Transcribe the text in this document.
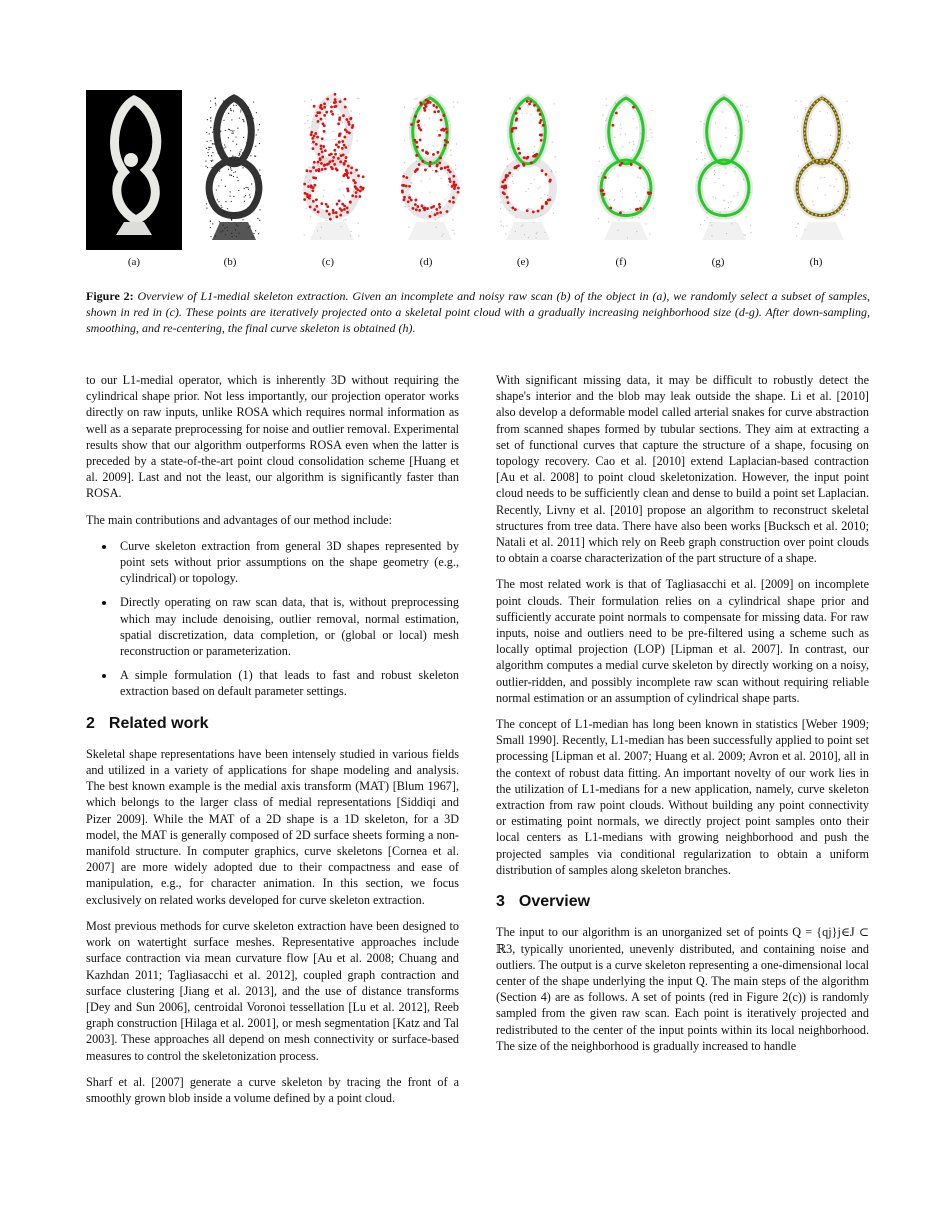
(a)	(b)	(c)	(d)	(e)	(f)	(g)	(h)
Figure 2: Overview of L1-medial skeleton extraction. Given an incomplete and noisy raw scan (b) of the object in (a), we randomly select a subset of samples, shown in red in (c). These points are iteratively projected onto a skeletal point cloud with a gradually increasing neighborhood size (d-g). After down-sampling, smoothing, and re-centering, the final curve skeleton is obtained (h).

to our L1-medial operator, which is inherently 3D without requiring the cylindrical shape prior. Not less importantly, our projection operator works directly on raw inputs, unlike ROSA which requires normal information as well as a separate preprocessing for noise and outlier removal. Experimental results show that our algorithm outperforms ROSA even when the latter is preceded by a state-of-the-art point cloud consolidation scheme [Huang et al. 2009]. Last and not the least, our algorithm is significantly faster than ROSA.

The main contributions and advantages of our method include:

• Curve skeleton extraction from general 3D shapes represented by point sets without prior assumptions on the shape geometry (e.g., cylindrical) or topology.
• Directly operating on raw scan data, that is, without preprocessing which may include denoising, outlier removal, normal estimation, spatial discretization, data completion, or (global or local) mesh reconstruction or parameterization.
• A simple formulation (1) that leads to fast and robust skeleton extraction based on default parameter settings.
2 Related work

Skeletal shape representations have been intensely studied in various fields and utilized in a variety of applications for shape modeling and analysis. The best known example is the medial axis transform (MAT) [Blum 1967], which belongs to the larger class of medial representations [Siddiqi and Pizer 2009]. While the MAT of a 2D shape is a 1D skeleton, for a 3D model, the MAT is generally composed of 2D surface sheets forming a non-manifold structure. In computer graphics, curve skeletons [Cornea et al. 2007] are more widely adopted due to their compactness and ease of manipulation, e.g., for character animation. In this section, we focus exclusively on related works developed for curve skeleton extraction.

Most previous methods for curve skeleton extraction have been designed to work on watertight surface meshes. Representative approaches include surface contraction via mean curvature flow [Au et al. 2008; Chuang and Kazhdan 2011; Tagliasacchi et al. 2012], coupled graph contraction and surface clustering [Jiang et al. 2013], and the use of distance transforms [Dey and Sun 2006], centroidal Voronoi tessellation [Lu et al. 2012], Reeb graph construction [Hilaga et al. 2001], or mesh segmentation [Katz and Tal 2003]. These approaches all depend on mesh connectivity or surface-based measures to control the skeletonization process.

Sharf et al. [2007] generate a curve skeleton by tracing the front of a smoothly grown blob inside a volume defined by a point cloud.

With significant missing data, it may be difficult to robustly detect the shape's interior and the blob may leak outside the shape. Li et al. [2010] also develop a deformable model called arterial snakes for curve abstraction from scanned shapes formed by tubular sections. They aim at extracting a set of functional curves that capture the structure of a shape, focusing on topology recovery. Cao et al. [2010] extend Laplacian-based contraction [Au et al. 2008] to point cloud skeletonization. However, the input point cloud needs to be sufficiently clean and dense to build a point set Laplacian. Recently, Livny et al. [2010] propose an algorithm to reconstruct skeletal structures from tree data. There have also been works [Bucksch et al. 2010; Natali et al. 2011] which rely on Reeb graph construction over point clouds to obtain a coarse characterization of the part structure of a shape.

The most related work is that of Tagliasacchi et al. [2009] on incomplete point clouds. Their formulation relies on a cylindrical shape prior and sufficiently accurate point normals to compensate for missing data. For raw inputs, noise and outliers need to be pre-filtered using a scheme such as locally optimal projection (LOP) [Lipman et al. 2007]. In contrast, our algorithm computes a medial curve skeleton by directly working on a noisy, outlier-ridden, and possibly incomplete raw scan without requiring reliable normal estimation or an assumption of cylindrical shape parts.

The concept of L1-median has long been known in statistics [Weber 1909; Small 1990]. Recently, L1-median has been successfully applied to point set processing [Lipman et al. 2007; Huang et al. 2009; Avron et al. 2010], all in the context of robust data fitting. An important novelty of our work lies in the utilization of L1-medians for a new application, namely, curve skeleton extraction from raw point clouds. Without building any point connectivity or estimating point normals, we directly project point samples onto their local centers as L1-medians with growing neighborhood and push the projected samples via conditional regularization to obtain a uniform distribution of samples along skeleton branches.

3 Overview

The input to our algorithm is an unorganized set of points Q = {qj}j∈J ⊂ ℝ3, typically unoriented, unevenly distributed, and containing noise and outliers. The output is a curve skeleton representing a one-dimensional local center of the shape underlying the input Q. The main steps of the algorithm (Section 4) are as follows. A set of points (red in Figure 2(c)) is randomly sampled from the given raw scan. Each point is iteratively projected and redistributed to the center of the input points within its local neighborhood. The size of the neighborhood is gradually increased to handle
